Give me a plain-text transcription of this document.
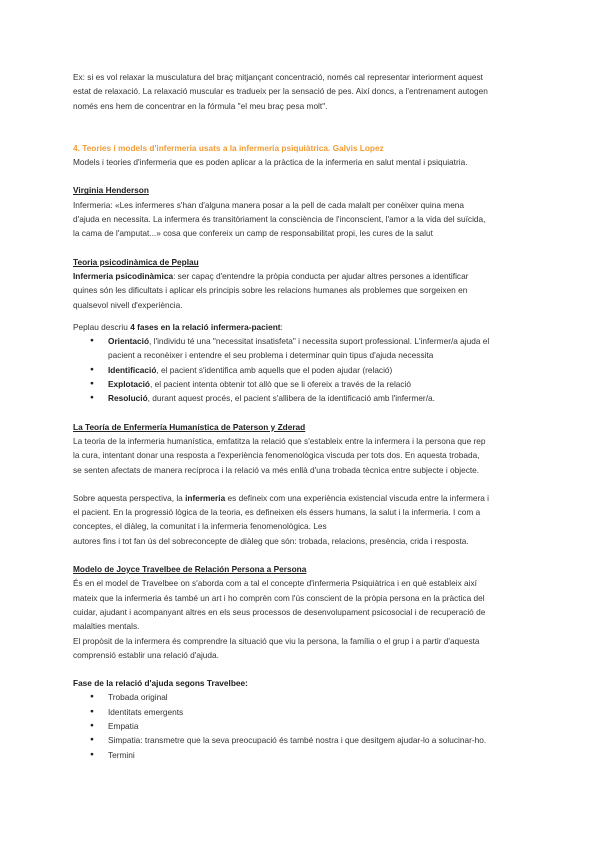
Ex: si es vol relaxar la musculatura del braç mitjançant concentració, només cal representar interiorment aquest

estat de relaxació. La relaxació muscular es tradueix per la sensació de pes. Així doncs, a l'entrenament autogen

només ens hem de concentrar en la fórmula "el meu braç pesa molt".

4. Teories i models d'infermeria usats a la infermeria psiquiàtrica. Galvis Lopez

Models i teories d'infermeria que es poden aplicar a la pràctica de la infermeria en salut mental i psiquiatria.

Virginia Henderson

Infermeria: «Les infermeres s'han d'alguna manera posar a la pell de cada malalt per conèixer quina mena

d'ajuda en necessita. La infermera és transitòriament la consciència de l'inconscient, l'amor a la vida del suïcida,

la cama de l'amputat...» cosa que confereix un camp de responsabilitat propi, les cures de la salut

Teoria psicodinàmica de Peplau

Infermeria psicodinàmica: ser capaç d'entendre la pròpia conducta per ajudar altres persones a identificar

quines són les dificultats i aplicar els principis sobre les relacions humanes als problemes que sorgeixen en

qualsevol nivell d'experiència.

Peplau descriu 4 fases en la relació infermera-pacient:

● Orientació, l'individu té una "necessitat insatisfeta" i necessita suport professional. L'infermer/a ajuda el
pacient a reconèixer i entendre el seu problema i determinar quin tipus d'ajuda necessita
● Identificació, el pacient s'identifica amb aquells que el poden ajudar (relació)
● Explotació, el pacient intenta obtenir tot allò que se li ofereix a través de la relació
● Resolució, durant aquest procés, el pacient s'allibera de la identificació amb l'infermer/a.

La Teoría de Enfermería Humanística de Paterson y Zderad

La teoria de la infermeria humanística, emfatitza la relació que s'estableix entre la infermera i la persona que rep

la cura, intentant donar una resposta a l'experiència fenomenològica viscuda per tots dos. En aquesta trobada,

se senten afectats de manera recíproca i la relació va més enllà d'una trobada tècnica entre subjecte i objecte.

Sobre aquesta perspectiva, la infermeria es defineix com una experiència existencial viscuda entre la infermera i

el pacient. En la progressió lògica de la teoria, es defineixen els éssers humans, la salut i la infermeria. I com a

conceptes, el diàleg, la comunitat i la infermeria fenomenològica. Les

autores fins i tot fan ús del sobreconcepte de diàleg que són: trobada, relacions, presència, crida i resposta.

Modelo de Joyce Travelbee de Relación Persona a Persona

És en el model de Travelbee on s'aborda com a tal el concepte d'infermeria Psiquiàtrica i en què estableix així

mateix que la infermeria és també un art i ho comprèn com l'ús conscient de la pròpia persona en la pràctica del

cuidar, ajudant i acompanyant altres en els seus processos de desenvolupament psicosocial i de recuperació de

malalties mentals.

El propòsit de la infermera és comprendre la situació que viu la persona, la família o el grup i a partir d'aquesta

comprensió establir una relació d'ajuda.

Fase de la relació d'ajuda segons Travelbee:

● Trobada original
● Identitats emergents
● Empatia
● Simpatia: transmetre que la seva preocupació és també nostra i que desitgem ajudar-lo a solucinar-ho.
● Termini
